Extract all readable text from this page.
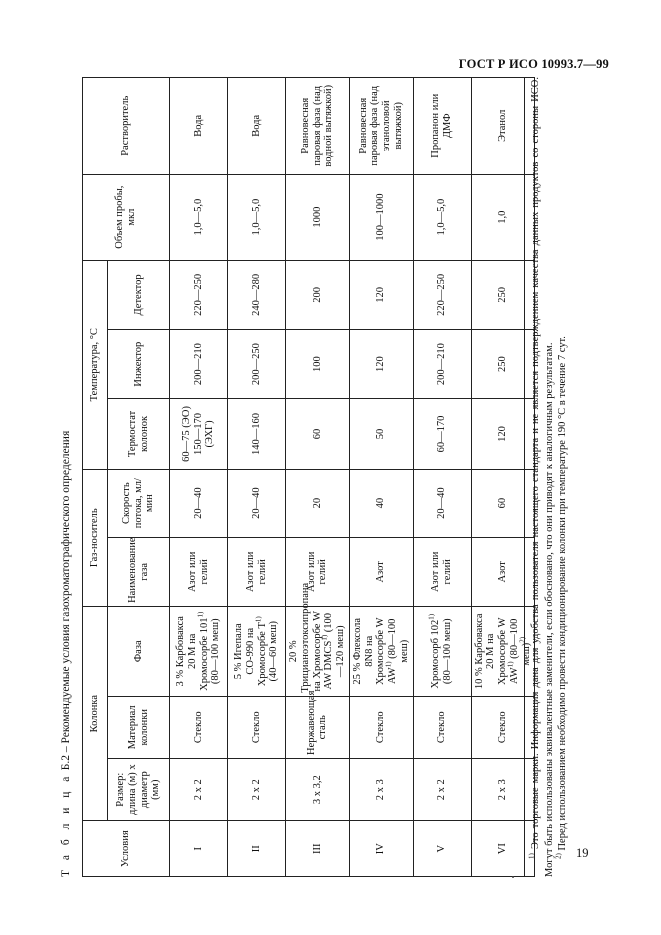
ГОСТ Р ИСО 10993.7—99
Т а б л и ц а Б.2 – Рекомендуемые условия газохроматографического определения
Условия	Колонка			Газ-носитель		Температура, °С			Объем пробы, мкл	Растворитель
	Размер: длина (м) х диаметр (мм)	Материал колонки	Фаза	Наименование газа	Скорость потока, мл/мин	Термостат колонок	Инжектор	Детектор		
I	2 х 2	Стекло	3 % Карбовакса 20 М на Хромосорбе 101$^{1)}$ (80—100 меш)	Азот или гелий	20—40	60—75 (ЭО) 150—170 (ЭХГ)	200—210	220—250	1,0—5,0	Вода
II	2 х 2	Стекло	5 % Игепала СО-990 на Хромосорбе $Т^{1)}$ (40—60 меш)	Азот или гелий	20—40	140—160	200—250	240—280	1,0—5,0	Вода
III	3 х 3,2	Нержавеющая сталь	20 % Трицианоэтоксипропана на Хромосорбе W AW DMCS$^{1)}$ (100—120 меш)	Азот или гелий	20	60	100	200	1000	Равновесная паровая фаза (над водной вытяжкой)
IV	2 х 3	Стекло	25 % Флексола 8N8 на Хромосорбе W AW$^{1)}$ (80—100 меш)	Азот	40	50	120	120	100—1000	Равновесная паровая фаза (над этаноловой вытяжкой)
V	2 х 2	Стекло	Хромосорб 102$^{1)}$ (80—100 меш)	Азот или гелий	20—40	60—170	200—210	220—250	1,0—5,0	Пропанон или ДМФ
VI	2 х 3	Стекло	10 % Карбовакса 20 М на Хромосорбе W AW$^{1)}$ (80—100 меш)$^{2)}$	Азот	60	120	250	250	1,0	Этанол

$^{1)}$ Это торговые марки. Информация дана для удобства пользователя настоящего стандарта и не является подтверждением качества данных продуктов со стороны ИСО. Могут быть использованы эквивалентные заменители, если обосновано, что они приводят к аналогичным результатам. $^{2)}$ Перед использованием необходимо провести кондиционирование колонки при температуре 190 °С в течение 7 сут. 19
